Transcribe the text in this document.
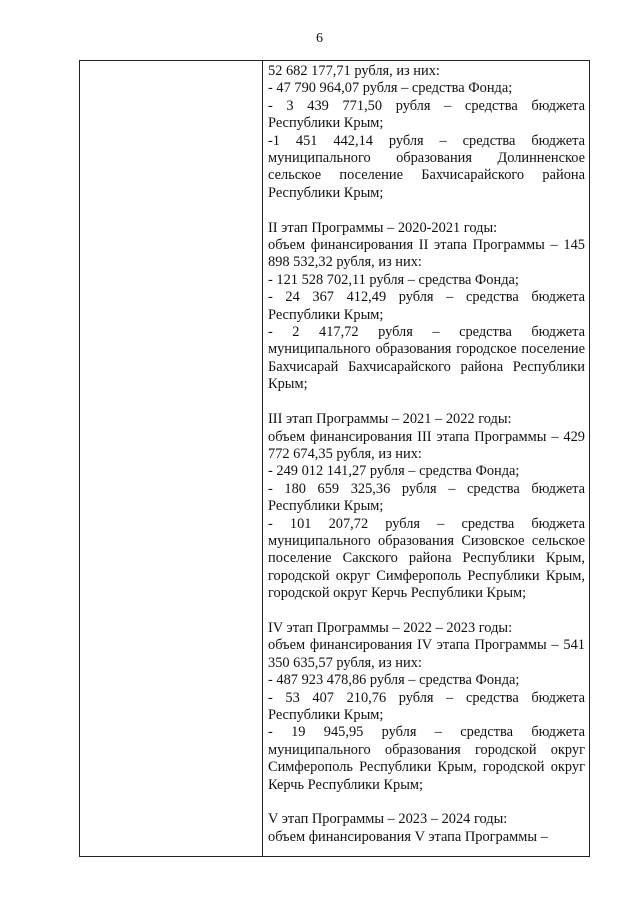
6

52 682 177,71 рубля, из них:

- 47 790 964,07 рубля – средства Фонда;

- 3 439 771,50 рубля – средства бюджета Республики Крым;

-1 451 442,14 рубля – средства бюджета муниципального образования Долинненское сельское поселение Бахчисарайского района Республики Крым;

II этап Программы – 2020-2021 годы:

объем финансирования II этапа Программы – 145 898 532,32 рубля, из них:

- 121 528 702,11 рубля – средства Фонда;

- 24 367 412,49 рубля – средства бюджета Республики Крым;

- 2 417,72 рубля – средства бюджета муниципального образования городское поселение Бахчисарай Бахчисарайского района Республики Крым;

III этап Программы – 2021 – 2022 годы:

объем финансирования III этапа Программы – 429 772 674,35 рубля, из них:

- 249 012 141,27 рубля – средства Фонда;

- 180 659 325,36 рубля – средства бюджета Республики Крым;

- 101 207,72 рубля – средства бюджета муниципального образования Сизовское сельское поселение Сакского района Республики Крым, городской округ Симферополь Республики Крым, городской округ Керчь Республики Крым;

IV этап Программы – 2022 – 2023 годы:

объем финансирования IV этапа Программы – 541 350 635,57 рубля, из них:

- 487 923 478,86 рубля – средства Фонда;

- 53 407 210,76 рубля – средства бюджета Республики Крым;

- 19 945,95 рубля – средства бюджета муниципального образования городской округ Симферополь Республики Крым, городской округ Керчь Республики Крым;

V этап Программы – 2023 – 2024 годы:

объем финансирования V этапа Программы –
